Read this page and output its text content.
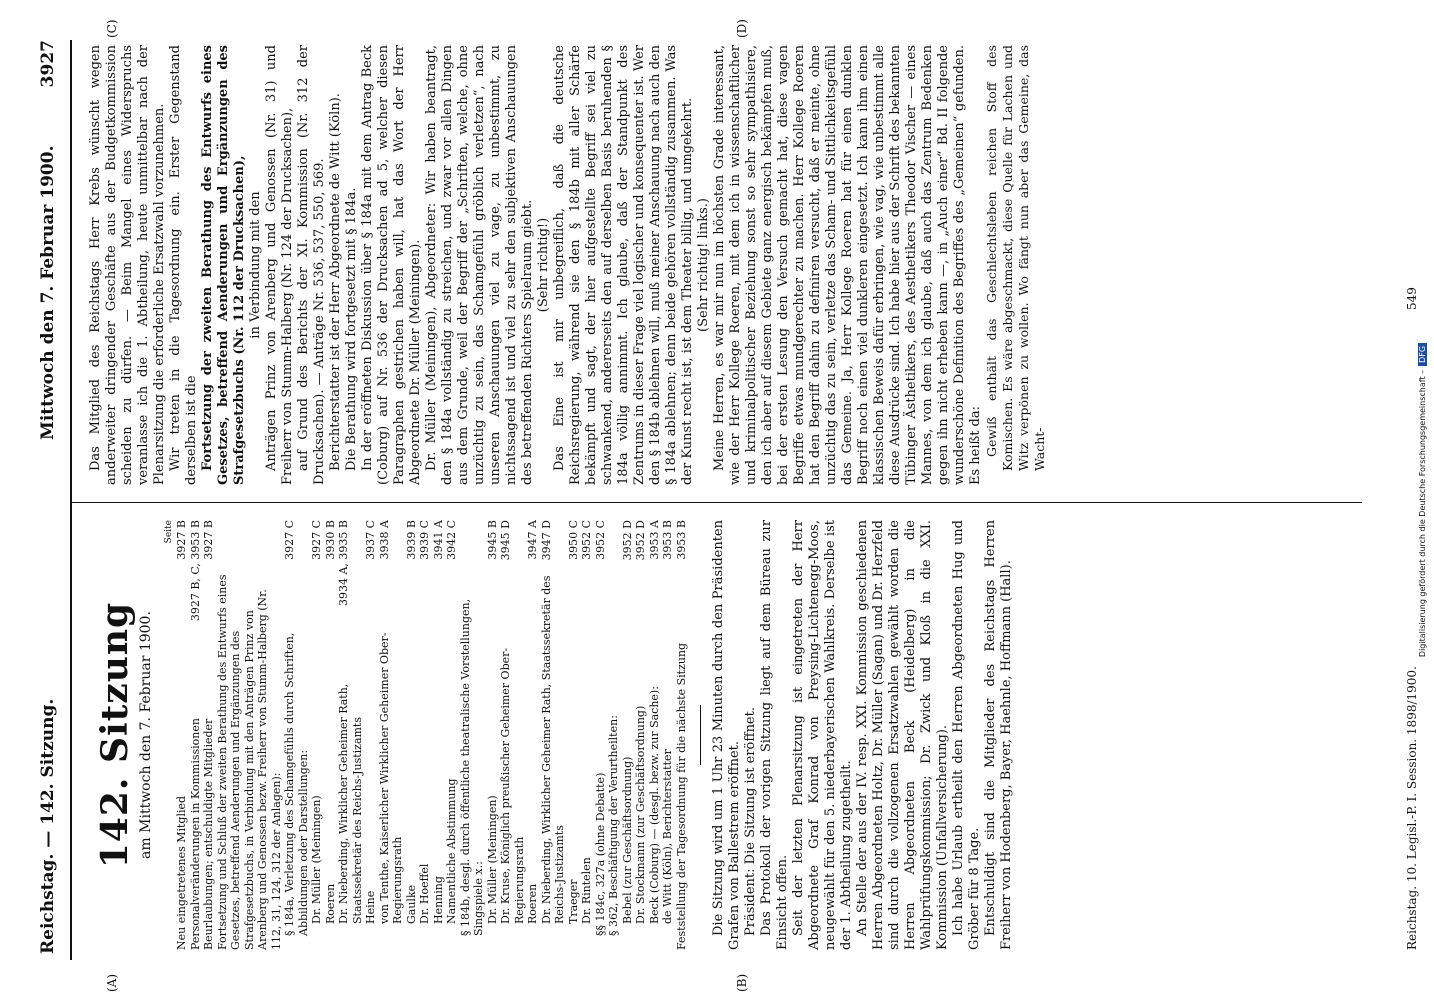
Reichstag. — 142. Sitzung.
Mittwoch den 7. Februar 1900.
3927
(A)	(B)
(C)	(D)
142. Sitzung am Mittwoch den 7. Februar 1900.
Seite
Neu eingetretenes Mitglied
3927 B
Personalveränderungen in Kommissionen
3927 B, C, 3953 B
Beurlaubungen; entschuldigte Mitglieder
3927 B
Fortsetzung und Schluß der zweiten Berathung des Entwurfs eines Gesetzes, betreffend Aenderungen und Ergänzungen des Strafgesetzbuchs, in Verbindung mit den Anträgen Prinz von Arenberg und Genossen bezw. Freiherr von Stumm-Halberg (Nr. 112, 31, 124, 312 der Anlagen): § 184a, Verletzung des Schamgefühls durch Schriften, Abbildungen oder Darstellungen:
3927 C
Dr. Müller (Meiningen)
3927 C
Roeren
3930 B
Dr. Nieberding, Wirklicher Geheimer Rath, Staatssekretär des Reichs-Justizamts
3934 A, 3935 B
Heine
3937 C
von Tenthe, Kaiserlicher Wirklicher Geheimer Ober-Regierungsrath
3938 A
Gaulke
3939 B
Dr. Hoeffel
3939 C
Henning
3941 A
Namentliche Abstimmung
3942 C
§ 184b, desgl. durch öffentliche theatralische Vorstellungen, Singspiele x.: Dr. Müller (Meiningen)
3945 B
Dr. Kruse, Königlich preußischer Geheimer Ober-Regierungsrath
3945 D
Roeren
3947 A
Dr. Nieberding, Wirklicher Geheimer Rath, Staatssekretär des Reichs-Justizamts
3947 D
Traeger
3950 C
Dr. Rintelen
3952 C
§§ 184c, 327a (ohne Debatte)
3952 C
§ 362, Beschäftigung der Verurtheilten: Bebel (zur Geschäftsordnung)
3952 D
Dr. Stockmann (zur Geschäftsordnung)
3952 D
Beck (Coburg) — (desgl. bezw. zur Sache):
3953 A
de Witt (Köln), Berichterstatter
3953 B
Feststellung der Tagesordnung für die nächste Sitzung
3953 B Die Sitzung wird um 1 Uhr 23 Minuten durch den Präsidenten Grafen von Ballestrem eröffnet. Präsident: Die Sitzung ist eröffnet. Das Protokoll der vorigen Sitzung liegt auf dem Büreau zur Einsicht offen. Seit der letzten Plenarsitzung ist eingetreten der Herr Abgeordnete Graf Konrad von Preysing-Lichtenegg-Moos, neugewählt für den 5. niederbayerischen Wahlkreis. Derselbe ist der 1. Abtheilung zugetheilt. An Stelle der aus der IV. resp. XXI. Kommission geschiedenen Herren Abgeordneten Holtz, Dr. Müller (Sagan) und Dr. Herzfeld sind durch die vollzogenen Ersatzwahlen gewählt worden die Herren Abgeordneten Beck (Heidelberg) in die Wahlprüfungskommission; Dr. Zwick und Kloß in die XXI. Kommission (Unfallversicherung). Ich habe Urlaub ertheilt den Herren Abgeordneten Hug und Gröber für 8 Tage. Entschuldigt sind die Mitglieder des Reichstags Herren Freiherr von Hodenberg, Bayer, Haehnle, Hoffmann (Hall).

Das Mitglied des Reichstags Herr Krebs wünscht wegen anderweiter dringender Geschäfte aus der Budgetkommission scheiden zu dürfen. — Beim Mangel eines Widerspruchs veranlasse ich die 1. Abtheilung, heute unmittelbar nach der Plenarsitzung die erforderliche Ersatzwahl vorzunehmen. Wir treten in die Tagesordnung ein. Erster Gegenstand derselben ist die Fortsetzung der zweiten Berathung des Entwurfs eines Gesetzes, betreffend Aenderungen und Ergänzungen des Strafgesetzbuchs (Nr. 112 der Drucksachen), in Verbindung mit den Anträgen Prinz von Arenberg und Genossen (Nr. 31) und Freiherr von Stumm-Halberg (Nr. 124 der Drucksachen), auf Grund des Berichts der XI. Kommission (Nr. 312 der Drucksachen). — Anträge Nr. 536, 537, 550, 569. Berichterstatter ist der Herr Abgeordnete de Witt (Köln). Die Berathung wird fortgesetzt mit § 184a. In der eröffneten Diskussion über § 184a mit dem Antrag Beck (Coburg) auf Nr. 536 der Drucksachen ad 5, welcher diesen Paragraphen gestrichen haben will, hat das Wort der Herr Abgeordnete Dr. Müller (Meiningen). Dr. Müller (Meiningen), Abgeordneter: Wir haben beantragt, den § 184a vollständig zu streichen, und zwar vor allen Dingen aus dem Grunde, weil der Begriff der „Schriften, welche, ohne unzüchtig zu sein, das Schamgefühl gröblich verletzen“, nach unseren Anschauungen viel zu vage, zu unbestimmt, zu nichtssagend ist und viel zu sehr den subjektiven Anschauungen des betreffenden Richters Spielraum giebt. (Sehr richtig!) Das Eine ist mir unbegreiflich, daß die deutsche Reichsregierung, während sie den § 184b mit aller Schärfe bekämpft und sagt, der hier aufgestellte Begriff sei viel zu schwankend, andererseits den auf derselben Basis beruhenden § 184a völlig annimmt. Ich glaube, daß der Standpunkt des Zentrums in dieser Frage viel logischer und konsequenter ist. Wer den § 184b ablehnen will, muß meiner Anschauung nach auch den § 184a ablehnen; denn beide gehören vollständig zusammen. Was der Kunst recht ist, ist dem Theater billig, und umgekehrt. (Sehr richtig! links.) Meine Herren, es war mir nun im höchsten Grade interessant, wie der Herr Kollege Roeren, mit dem ich in wissenschaftlicher und kriminalpolitischer Beziehung sonst so sehr sympathisiere, den ich aber auf diesem Gebiete ganz energisch bekämpfen muß, bei der ersten Lesung den Versuch gemacht hat, diese vagen Begriffe etwas mundgerechter zu machen. Herr Kollege Roeren hat den Begriff dahin zu definiren versucht, daß er meinte, ohne unzüchtig das zu sein, verletze das Scham- und Sittlichkeitsgefühl das Gemeine. Ja, Herr Kollege Roeren hat für einen dunklen Begriff noch einen viel dunkleren eingesetzt. Ich kann ihm einen klassischen Beweis dafür erbringen, wie vag, wie unbestimmt alle diese Ausdrücke sind. Ich habe hier aus der Schrift des bekannten Tübinger Ästhetikers, des Aesthetikers Theodor Vischer — eines Mannes, von dem ich glaube, daß auch das Zentrum Bedenken gegen ihn nicht erheben kann —, in „Auch einer“ Bd. II folgende wunderschöne Definition des Begriffes des „Gemeinen“ gefunden. Es heißt da: Gewiß enthält das Geschlechtsleben reichen Stoff des Komischen. Es wäre abgeschmackt, diese Quelle für Lachen und Witz verpönen zu wollen. Wo fängt nun aber das Gemeine, das Wacht-

Reichstag. 10. Legisl.-P. I. Session. 1898/1900.
549
Digitalisierung gefördert durch die Deutsche Forschungsgemeinschaft –DFG
